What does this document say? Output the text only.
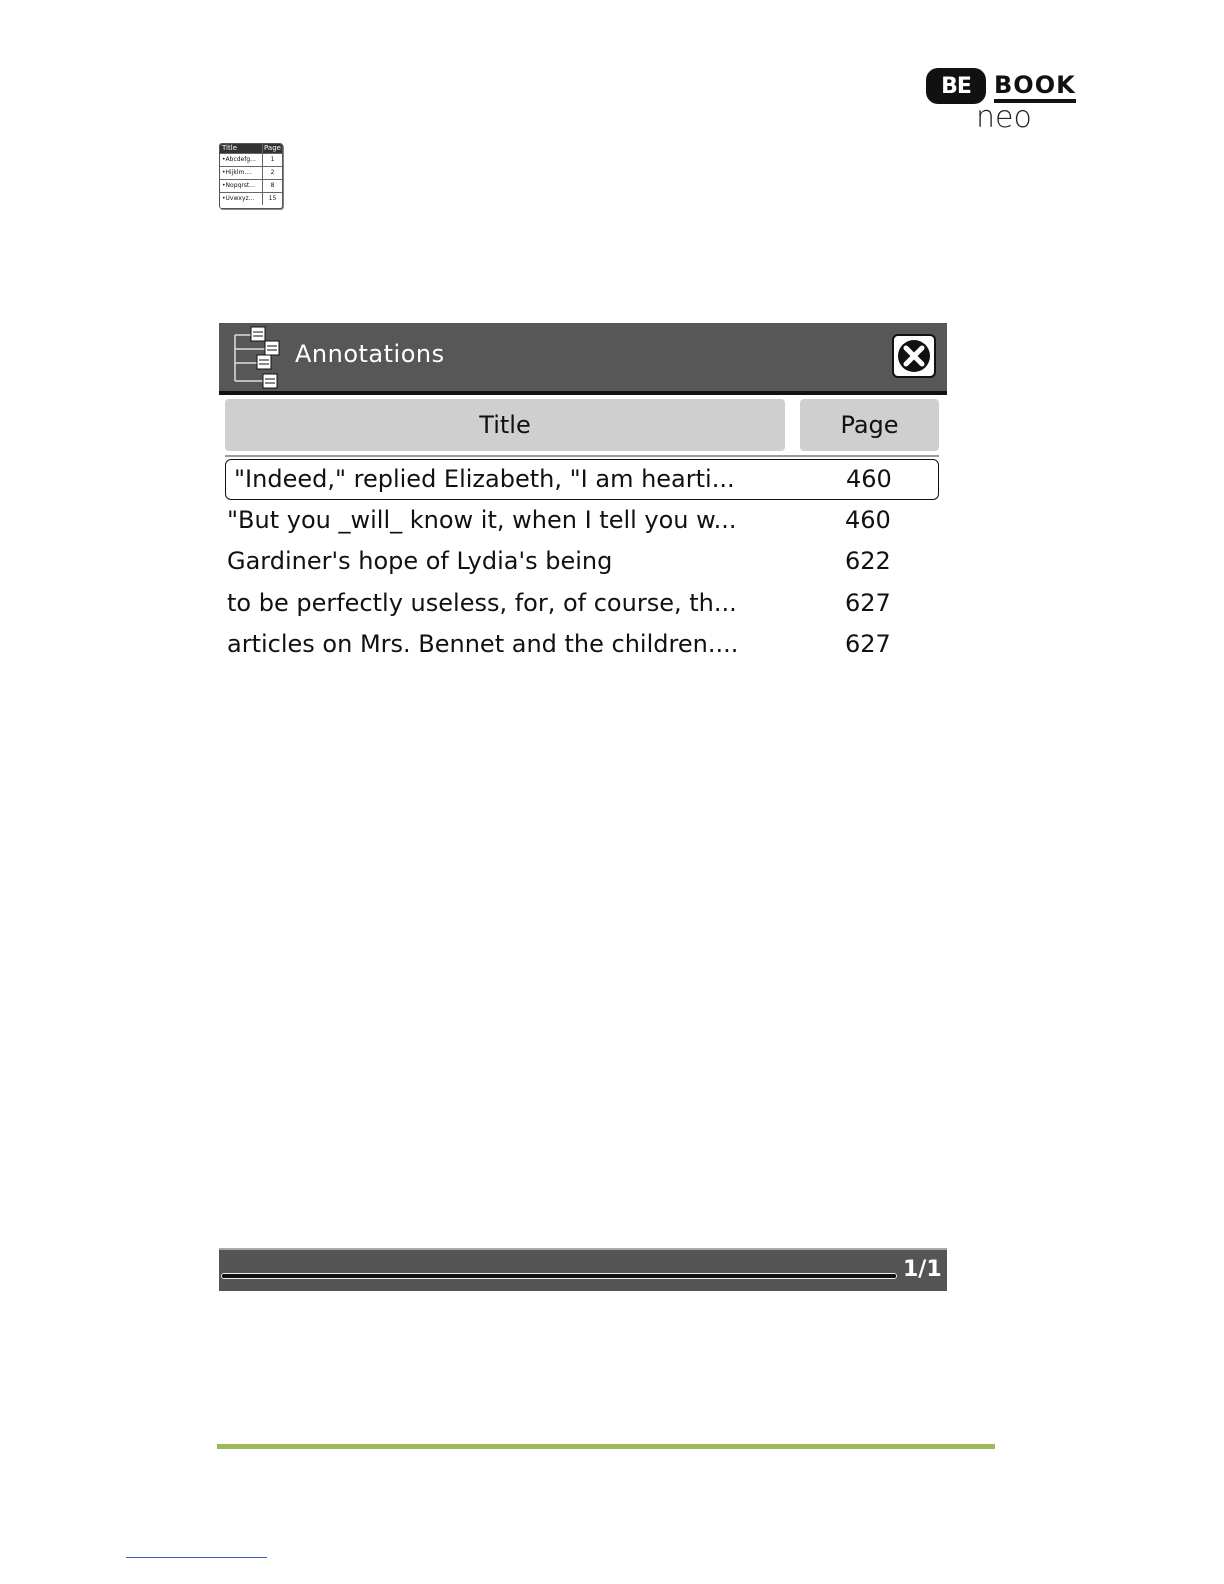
BE BOOK
neo
Title	Page
•Abcdefg...	1
•Hijklm....	2
•Nopqrst...	8
•Uvwxyz...	15
Annotations
Title	Page
"Indeed," replied Elizabeth, "I am hearti...	460
"But you _will_ know it, when I tell you w...	460
Gardiner's hope of Lydia's being	622
to be perfectly useless, for, of course, th...	627
articles on Mrs. Bennet and the children....	627
1/1
